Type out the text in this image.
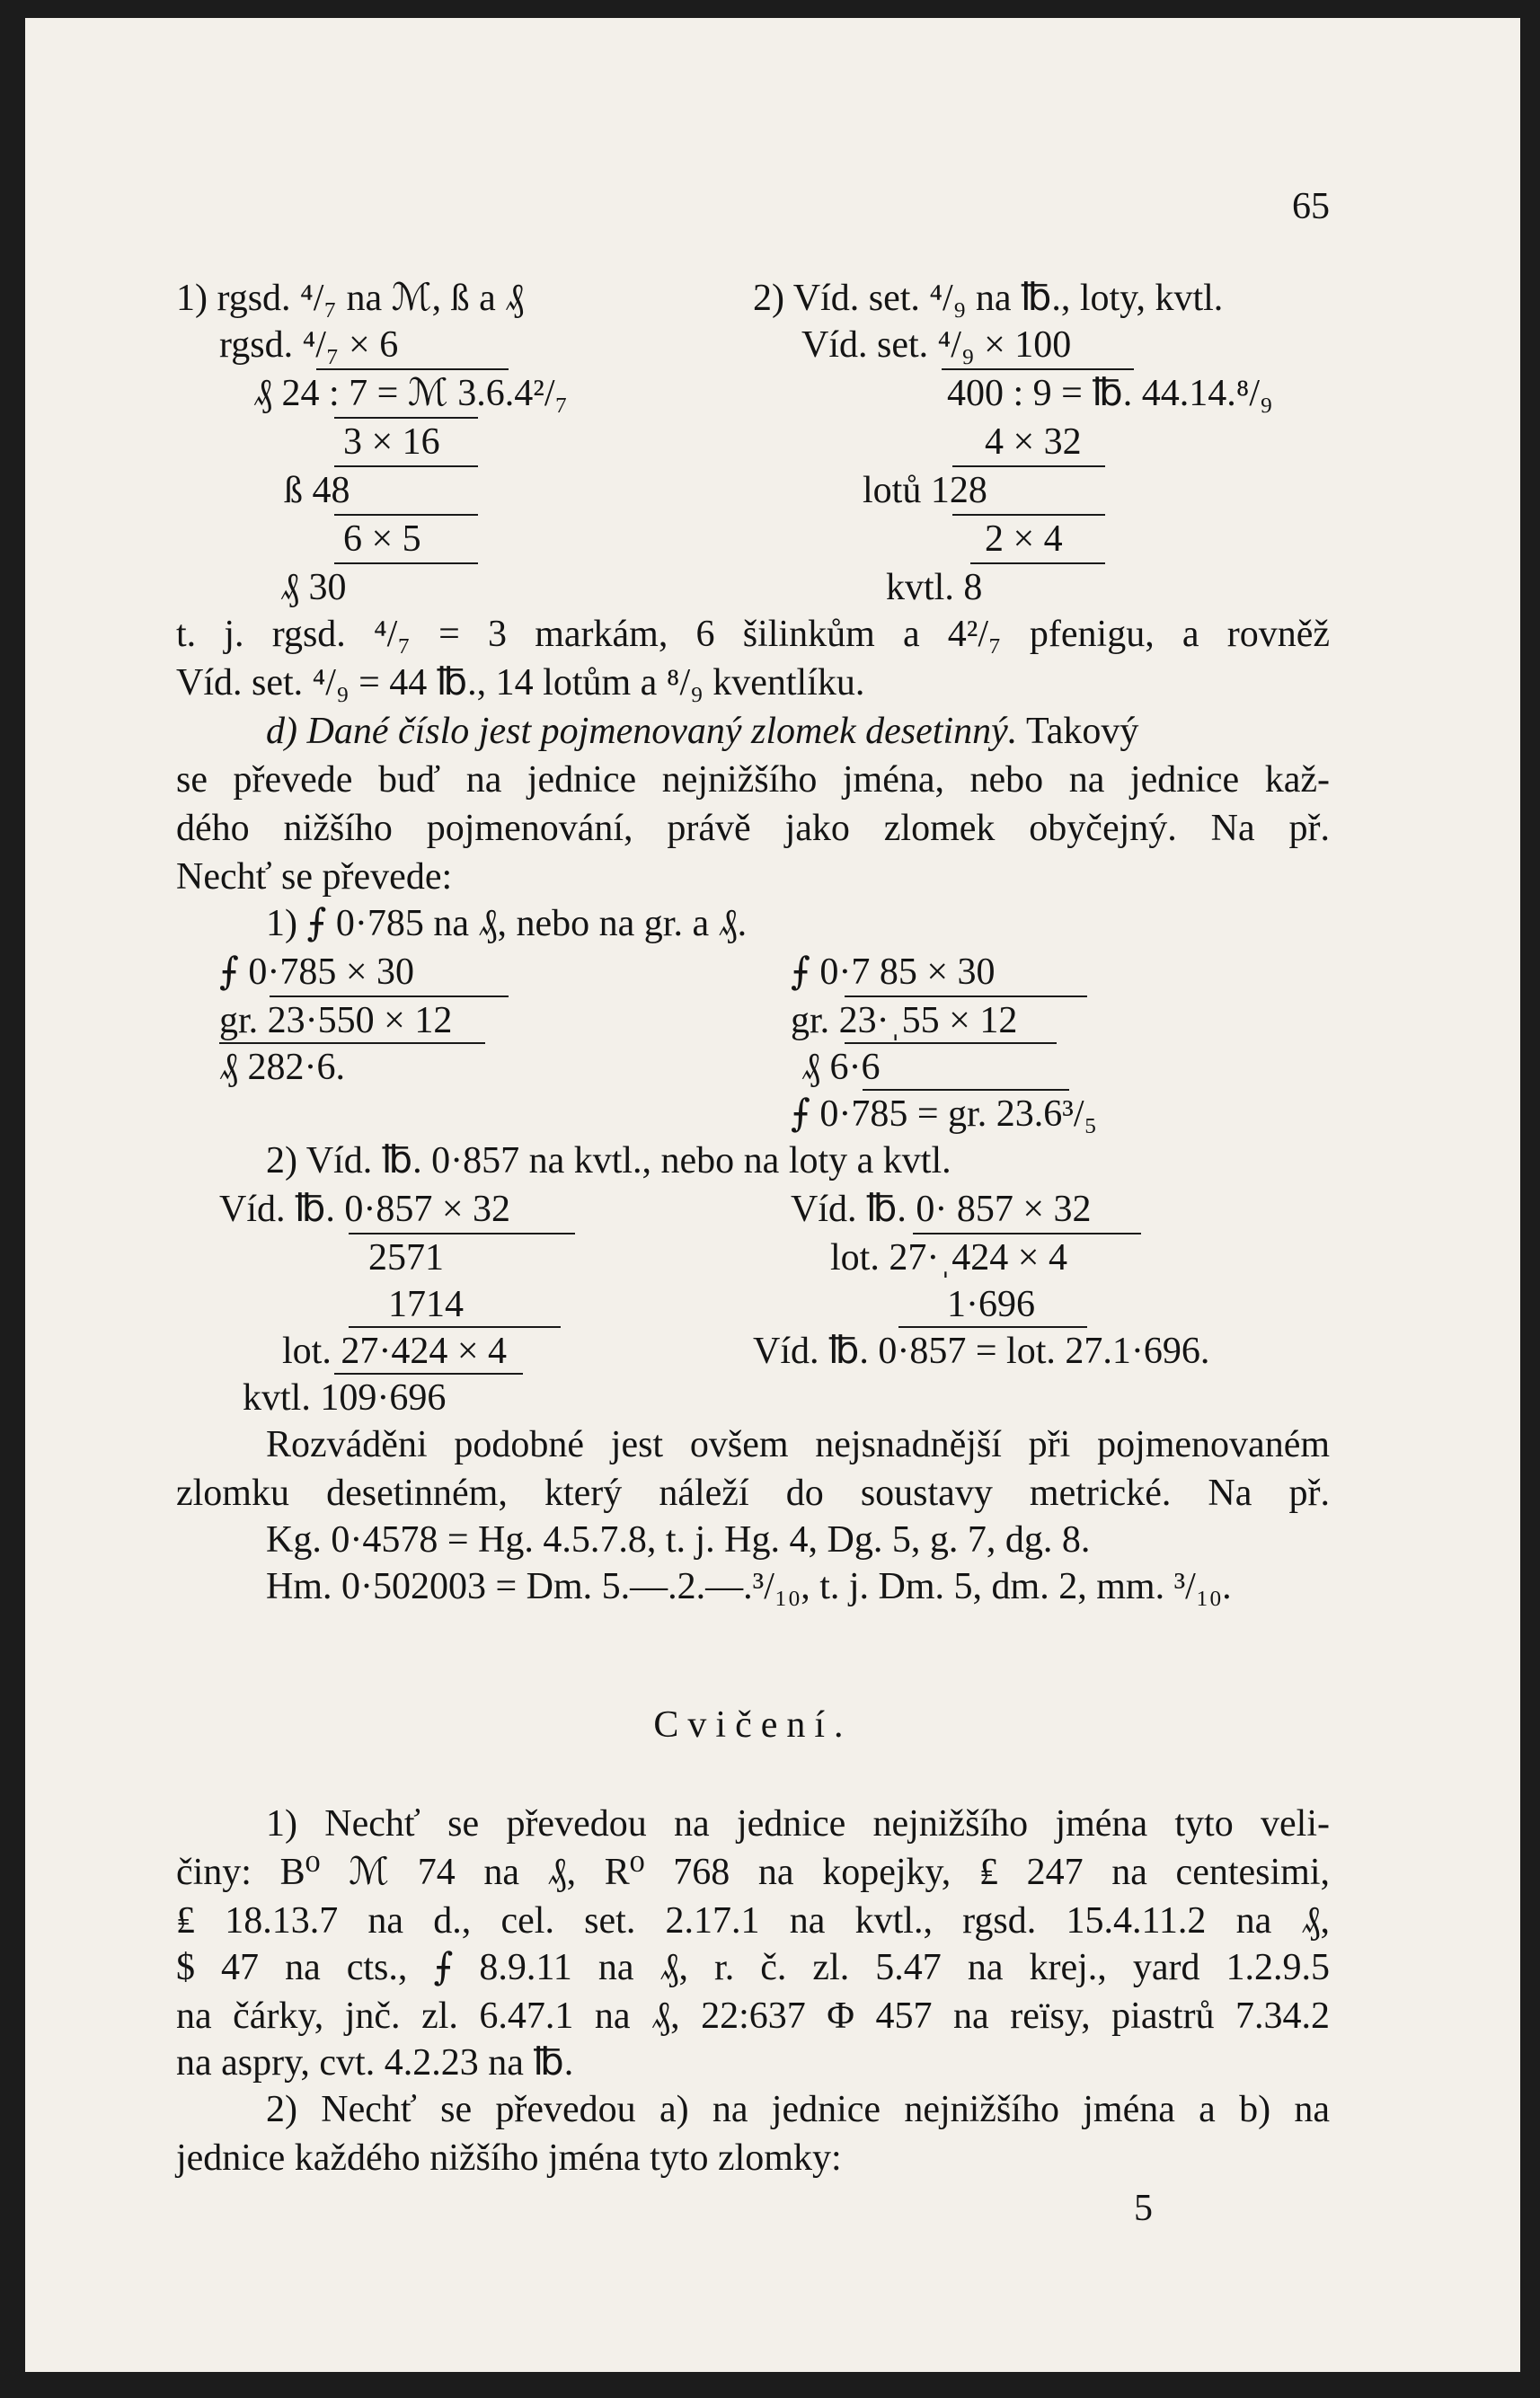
65
1) rgsd. ⁴/₇ na ℳ, ß a ₰
rgsd. ⁴/₇ × 6
₰ 24 : 7 = ℳ 3.6.4²/₇
3 × 16
ß 48
6 × 5
₰ 30
2) Víd. set. ⁴/₉ na ℔., loty, kvtl.
Víd. set. ⁴/₉ × 100
400 : 9 = ℔. 44.14.⁸/₉
4 × 32
lotů 128
2 × 4
kvtl. 8
t. j. rgsd. ⁴/₇ = 3 markám, 6 šilinkům a 4²/₇ pfenigu, a rovněž
Víd. set. ⁴/₉ = 44 ℔., 14 lotům a ⁸/₉ kventlíku.
d) Dané číslo jest pojmenovaný zlomek desetinný. Takový
se převede buď na jednice nejnižšího jména, nebo na jednice kaž-
dého nižšího pojmenování, právě jako zlomek obyčejný. Na př.
Nechť se převede:
1) ⨍ 0·785 na ₰, nebo na gr. a ₰.
⨍ 0·785 × 30
gr. 23·550 × 12
₰ 282·6.
⨍ 0·7 85 × 30
gr. 23·ˌ55 × 12
₰ 6·6
⨍ 0·785 = gr. 23.6³/₅
2) Víd. ℔. 0·857 na kvtl., nebo na loty a kvtl.
Víd. ℔. 0·857 × 32
2571
1714
lot. 27·424 × 4
kvtl. 109·696
Víd. ℔. 0· 857 × 32
lot. 27·ˌ424 × 4
1·696
Víd. ℔. 0·857 = lot. 27.1·696.
Rozváděni podobné jest ovšem nejsnadnější při pojmenovaném
zlomku desetinném, který náleží do soustavy metrické. Na př.
Kg. 0·4578 = Hg. 4.5.7.8, t. j. Hg. 4, Dg. 5, g. 7, dg. 8.
Hm. 0·502003 = Dm. 5.—.2.—.³/₁₀, t. j. Dm. 5, dm. 2, mm. ³/₁₀.
Cvičení.
1) Nechť se převedou na jednice nejnižšího jména tyto veli-
činy: B⁰ ℳ 74 na ₰, R⁰ 768 na kopejky, ₤ 247 na centesimi,
₤ 18.13.7 na d., cel. set. 2.17.1 na kvtl., rgsd. 15.4.11.2 na ₰,
$ 47 na cts., ⨍ 8.9.11 na ₰, r. č. zl. 5.47 na krej., yard 1.2.9.5
na čárky, jnč. zl. 6.47.1 na ₰, 22:637 Φ 457 na reïsy, piastrů 7.34.2
na aspry, cvt. 4.2.23 na ℔.
2) Nechť se převedou a) na jednice nejnižšího jména a b) na
jednice každého nižšího jména tyto zlomky:
5
